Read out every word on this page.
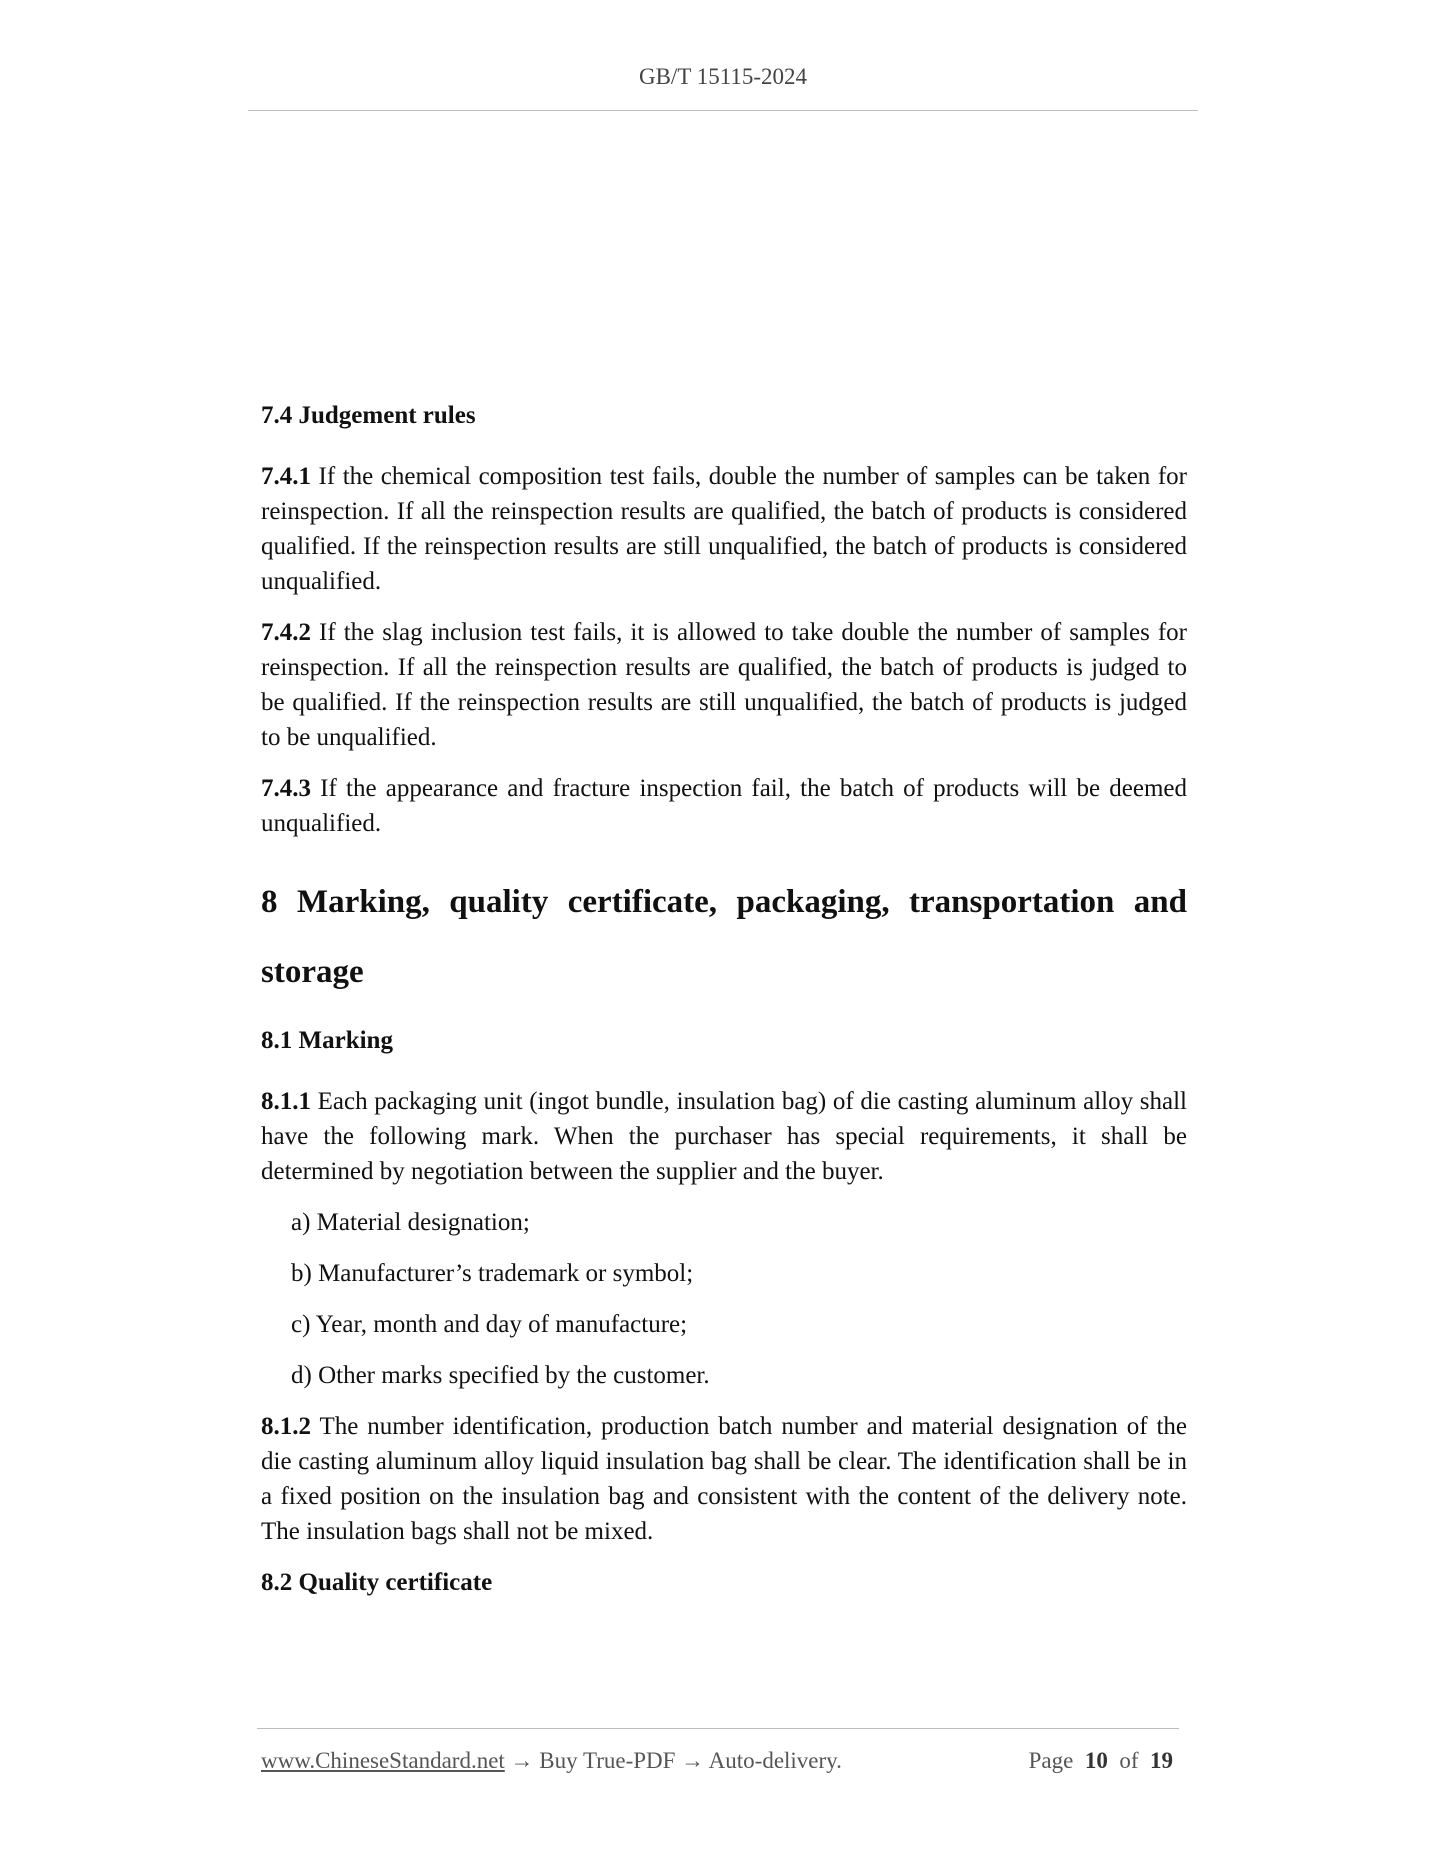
GB/T 15115-2024

7.4 Judgement rules

7.4.1 If the chemical composition test fails, double the number of samples can be taken for reinspection. If all the reinspection results are qualified, the batch of products is considered qualified. If the reinspection results are still unqualified, the batch of products is considered unqualified.

7.4.2 If the slag inclusion test fails, it is allowed to take double the number of samples for reinspection. If all the reinspection results are qualified, the batch of products is judged to be qualified. If the reinspection results are still unqualified, the batch of products is judged to be unqualified.

7.4.3 If the appearance and fracture inspection fail, the batch of products will be deemed unqualified.

8 Marking, quality certificate, packaging, transportation and storage

8.1 Marking

8.1.1 Each packaging unit (ingot bundle, insulation bag) of die casting aluminum alloy shall have the following mark. When the purchaser has special requirements, it shall be determined by negotiation between the supplier and the buyer.

a) Material designation;

b) Manufacturer’s trademark or symbol;

c) Year, month and day of manufacture;

d) Other marks specified by the customer.

8.1.2 The number identification, production batch number and material designation of the die casting aluminum alloy liquid insulation bag shall be clear. The identification shall be in a fixed position on the insulation bag and consistent with the content of the delivery note. The insulation bags shall not be mixed.

8.2 Quality certificate

www.ChineseStandard.net → Buy True-PDF → Auto-delivery.	Page 10 of 19
